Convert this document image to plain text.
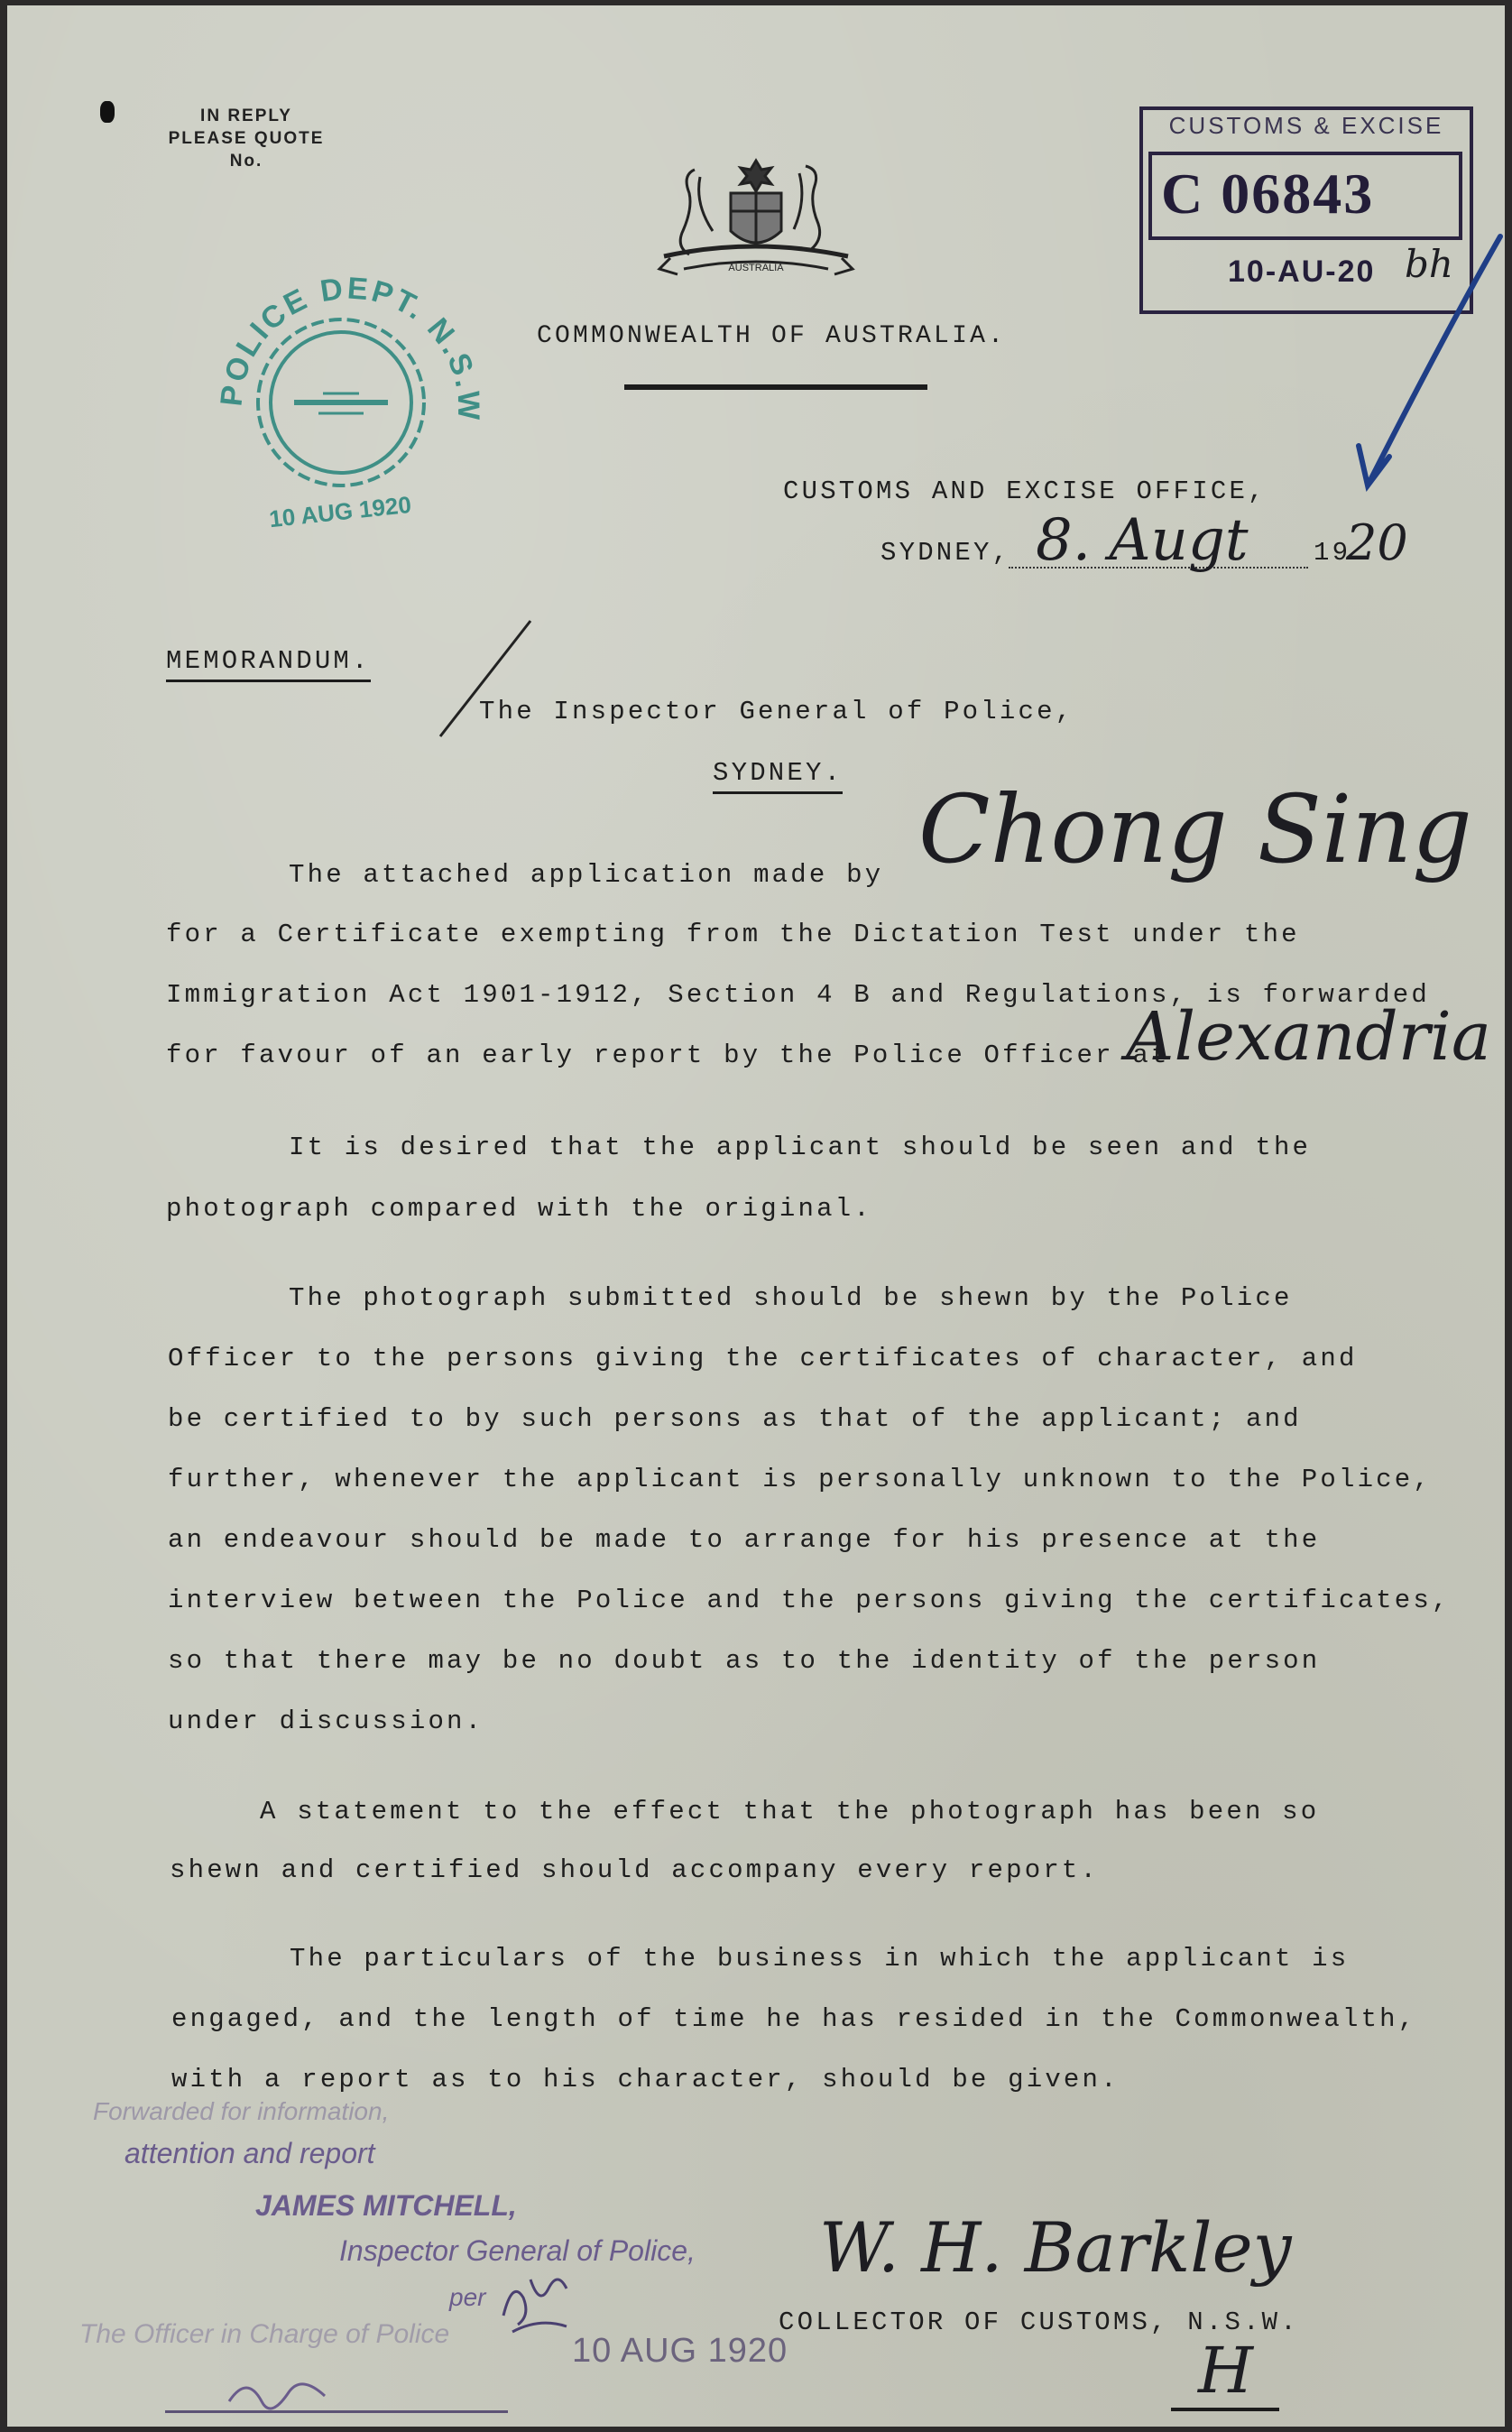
IN REPLY
PLEASE QUOTE
No.
AUSTRALIA
COMMONWEALTH OF AUSTRALIA.
POLICE DEPT. N.S.W
10 AUG 1920
CUSTOMS & EXCISE
C 06843
10-AU-20 bh
CUSTOMS AND EXCISE OFFICE,
SYDNEY, 8. Augt 19
20
MEMORANDUM.
The Inspector General of Police,
SYDNEY.
The attached application made by Chong Sing
for a Certificate exempting from the Dictation Test under the
Immigration Act 1901-1912, Section 4 B and Regulations, is forwarded
for favour of an early report by the Police Officer at
Alexandria
It is desired that the applicant should be seen and the
photograph compared with the original.
The photograph submitted should be shewn by the Police
Officer to the persons giving the certificates of character, and
be certified to by such persons as that of the applicant; and
further, whenever the applicant is personally unknown to the Police,
an endeavour should be made to arrange for his presence at the
interview between the Police and the persons giving the certificates,
so that there may be no doubt as to the identity of the person
under discussion.
A statement to the effect that the photograph has been so
shewn and certified should accompany every report.
The particulars of the business in which the applicant is
engaged, and the length of time he has resided in the Commonwealth,
with a report as to his character, should be given.
Forwarded for information,
attention and report
JAMES MITCHELL,
Inspector General of Police,
per
The Officer in Charge of Police	10 AUG 1920
W. H. Barkley
COLLECTOR OF CUSTOMS, N.S.W.
H
